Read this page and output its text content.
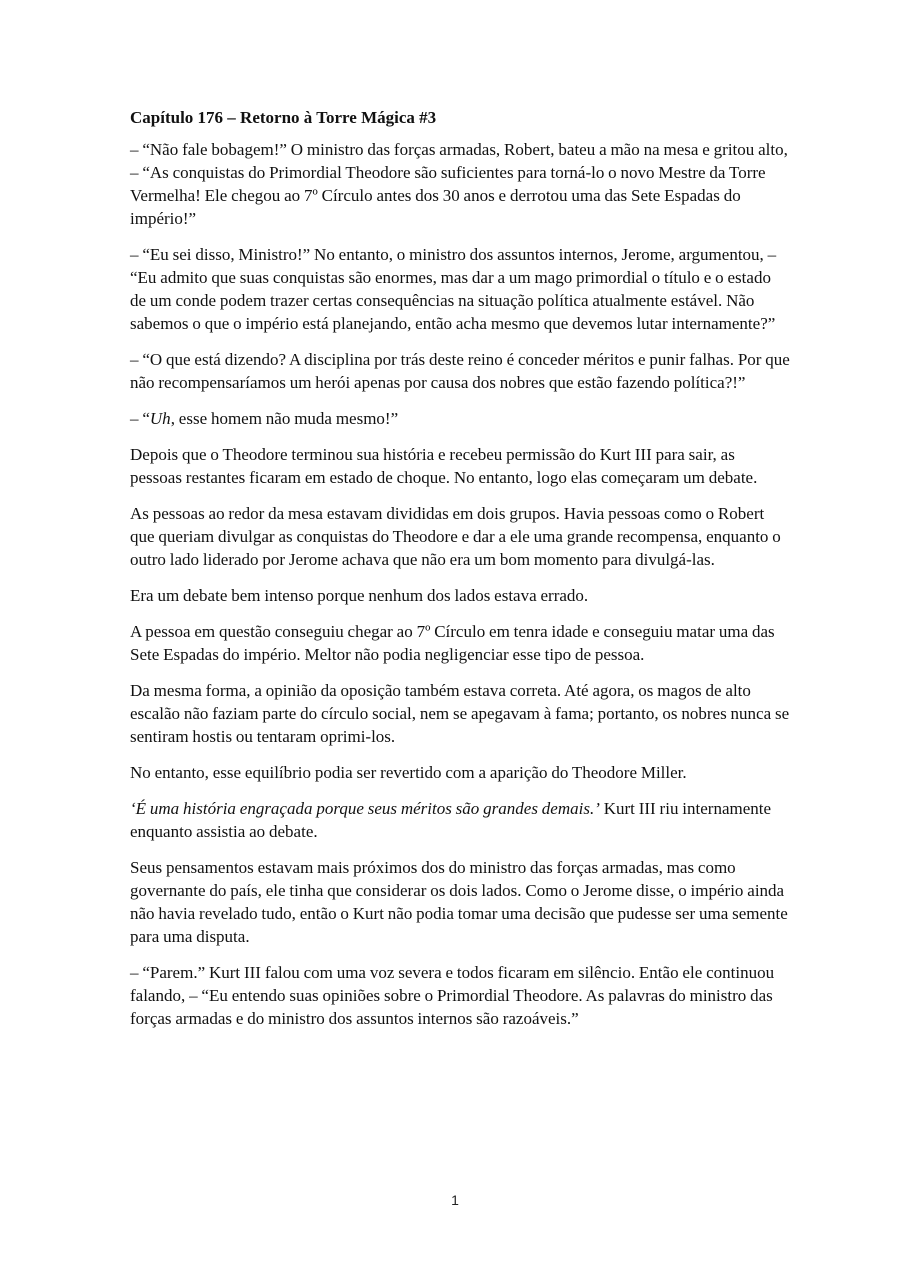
Capítulo 176 – Retorno à Torre Mágica #3

– “Não fale bobagem!” O ministro das forças armadas, Robert, bateu a mão na mesa e gritou alto, – “As conquistas do Primordial Theodore são suficientes para torná-lo o novo Mestre da Torre Vermelha! Ele chegou ao 7º Círculo antes dos 30 anos e derrotou uma das Sete Espadas do império!”

– “Eu sei disso, Ministro!” No entanto, o ministro dos assuntos internos, Jerome, argumentou, – “Eu admito que suas conquistas são enormes, mas dar a um mago primordial o título e o estado de um conde podem trazer certas consequências na situação política atualmente estável. Não sabemos o que o império está planejando, então acha mesmo que devemos lutar internamente?”

– “O que está dizendo? A disciplina por trás deste reino é conceder méritos e punir falhas. Por que não recompensaríamos um herói apenas por causa dos nobres que estão fazendo política?!”

– “Uh, esse homem não muda mesmo!”

Depois que o Theodore terminou sua história e recebeu permissão do Kurt III para sair, as pessoas restantes ficaram em estado de choque. No entanto, logo elas começaram um debate.

As pessoas ao redor da mesa estavam divididas em dois grupos. Havia pessoas como o Robert que queriam divulgar as conquistas do Theodore e dar a ele uma grande recompensa, enquanto o outro lado liderado por Jerome achava que não era um bom momento para divulgá-las.

Era um debate bem intenso porque nenhum dos lados estava errado.

A pessoa em questão conseguiu chegar ao 7º Círculo em tenra idade e conseguiu matar uma das Sete Espadas do império. Meltor não podia negligenciar esse tipo de pessoa.

Da mesma forma, a opinião da oposição também estava correta. Até agora, os magos de alto escalão não faziam parte do círculo social, nem se apegavam à fama; portanto, os nobres nunca se sentiram hostis ou tentaram oprimi-los.

No entanto, esse equilíbrio podia ser revertido com a aparição do Theodore Miller.

‘É uma história engraçada porque seus méritos são grandes demais.’ Kurt III riu internamente enquanto assistia ao debate.

Seus pensamentos estavam mais próximos dos do ministro das forças armadas, mas como governante do país, ele tinha que considerar os dois lados. Como o Jerome disse, o império ainda não havia revelado tudo, então o Kurt não podia tomar uma decisão que pudesse ser uma semente para uma disputa.

– “Parem.” Kurt III falou com uma voz severa e todos ficaram em silêncio. Então ele continuou falando, – “Eu entendo suas opiniões sobre o Primordial Theodore. As palavras do ministro das forças armadas e do ministro dos assuntos internos são razoáveis.”

1
